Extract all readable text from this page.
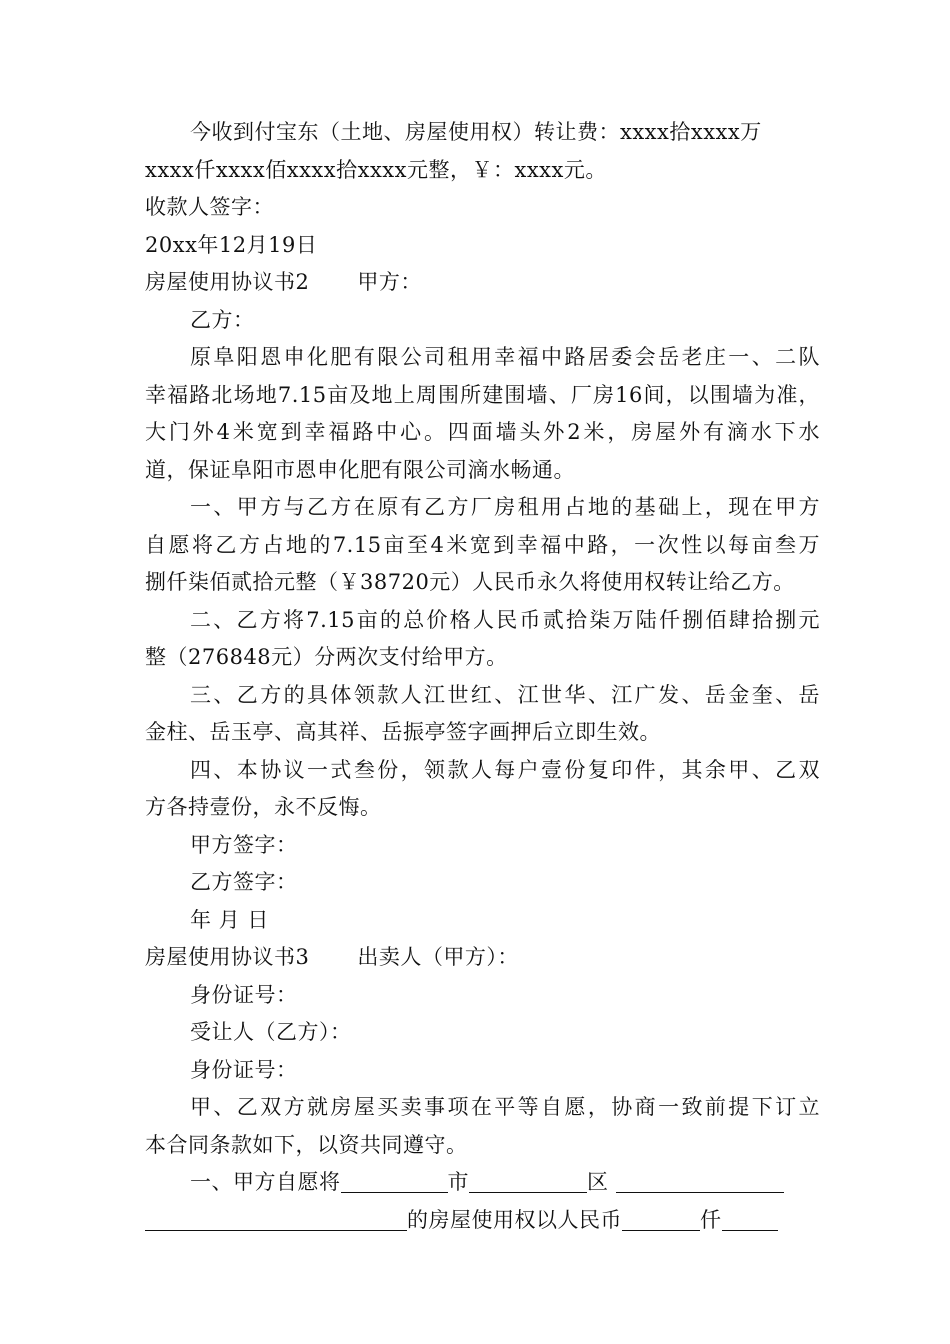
今收到付宝东（土地、房屋使用权）转让费：xxxx拾xxxx万
xxxx仟xxxx佰xxxx拾xxxx元整，￥：xxxx元。
收款人签字：
20xx年12月19日
房屋使用协议书2 甲方：
乙方：
原阜阳恩申化肥有限公司租用幸福中路居委会岳老庄一、二队
幸福路北场地7.15亩及地上周围所建围墙、厂房16间，以围墙为准，
大门外4米宽到幸福路中心。四面墙头外2米，房屋外有滴水下水
道，保证阜阳市恩申化肥有限公司滴水畅通。
一、甲方与乙方在原有乙方厂房租用占地的基础上，现在甲方
自愿将乙方占地的7.15亩至4米宽到幸福中路，一次性以每亩叁万
捌仟柒佰贰拾元整（￥38720元）人民币永久将使用权转让给乙方。
二、乙方将7.15亩的总价格人民币贰拾柒万陆仟捌佰肆拾捌元
整（276848元）分两次支付给甲方。
三、乙方的具体领款人江世红、江世华、江广发、岳金奎、岳
金柱、岳玉亭、高其祥、岳振亭签字画押后立即生效。
四、本协议一式叁份，领款人每户壹份复印件，其余甲、乙双
方各持壹份，永不反悔。
甲方签字：
乙方签字：
年 月 日
房屋使用协议书3 出卖人（甲方）：
身份证号：
受让人（乙方）：
身份证号：
甲、乙双方就房屋买卖事项在平等自愿，协商一致前提下订立
本合同条款如下，以资共同遵守。
一、甲方自愿将	市	区
的房屋使用权以人民币	仟
